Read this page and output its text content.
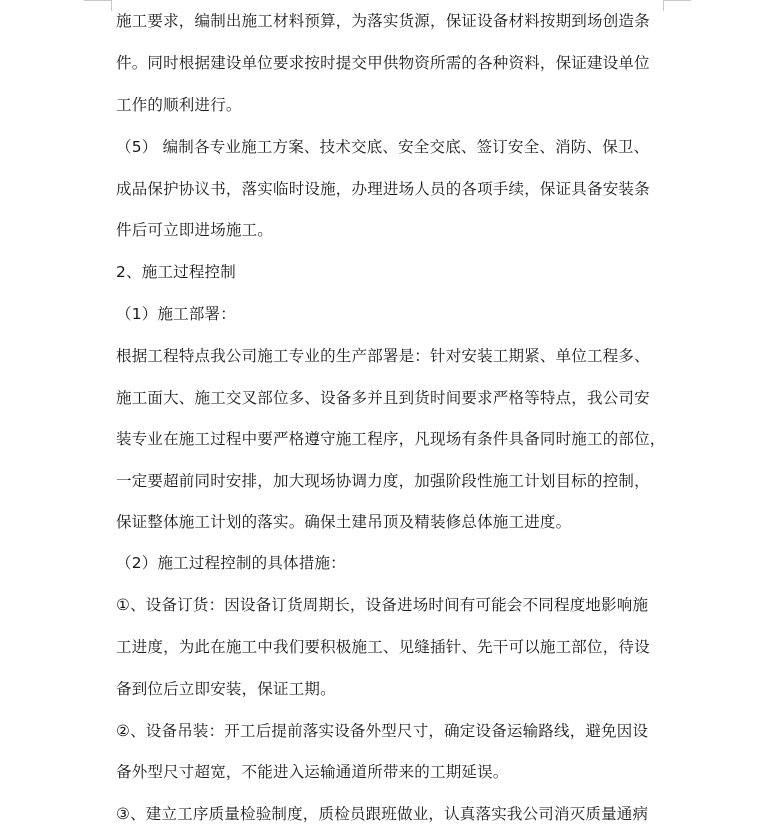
施工要求，编制出施工材料预算，为落实货源，保证设备材料按期到场创造条
件。同时根据建设单位要求按时提交甲供物资所需的各种资料，保证建设单位
工作的顺利进行。
（5） 编制各专业施工方案、技术交底、安全交底、签订安全、消防、保卫、
成品保护协议书，落实临时设施，办理进场人员的各项手续，保证具备安装条
件后可立即进场施工。
2、施工过程控制
（1）施工部署：
根据工程特点我公司施工专业的生产部署是：针对安装工期紧、单位工程多、
施工面大、施工交叉部位多、设备多并且到货时间要求严格等特点，我公司安
装专业在施工过程中要严格遵守施工程序，凡现场有条件具备同时施工的部位，
一定要超前同时安排，加大现场协调力度，加强阶段性施工计划目标的控制，
保证整体施工计划的落实。确保土建吊顶及精装修总体施工进度。
（2）施工过程控制的具体措施：
①、设备订货：因设备订货周期长，设备进场时间有可能会不同程度地影响施
工进度，为此在施工中我们要积极施工、见缝插针、先干可以施工部位，待设
备到位后立即安装，保证工期。
②、设备吊装：开工后提前落实设备外型尺寸，确定设备运输路线，避免因设
备外型尺寸超宽，不能进入运输通道所带来的工期延误。
③、建立工序质量检验制度，质检员跟班做业，认真落实我公司消灭质量通病
